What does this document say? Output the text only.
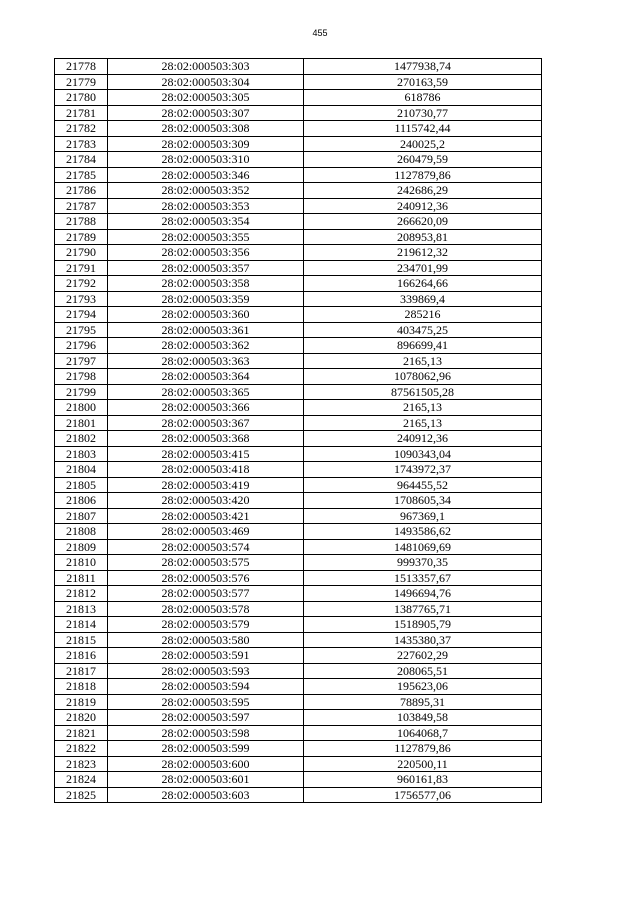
455
21778	28:02:000503:303	1477938,74
21779	28:02:000503:304	270163,59
21780	28:02:000503:305	618786
21781	28:02:000503:307	210730,77
21782	28:02:000503:308	1115742,44
21783	28:02:000503:309	240025,2
21784	28:02:000503:310	260479,59
21785	28:02:000503:346	1127879,86
21786	28:02:000503:352	242686,29
21787	28:02:000503:353	240912,36
21788	28:02:000503:354	266620,09
21789	28:02:000503:355	208953,81
21790	28:02:000503:356	219612,32
21791	28:02:000503:357	234701,99
21792	28:02:000503:358	166264,66
21793	28:02:000503:359	339869,4
21794	28:02:000503:360	285216
21795	28:02:000503:361	403475,25
21796	28:02:000503:362	896699,41
21797	28:02:000503:363	2165,13
21798	28:02:000503:364	1078062,96
21799	28:02:000503:365	87561505,28
21800	28:02:000503:366	2165,13
21801	28:02:000503:367	2165,13
21802	28:02:000503:368	240912,36
21803	28:02:000503:415	1090343,04
21804	28:02:000503:418	1743972,37
21805	28:02:000503:419	964455,52
21806	28:02:000503:420	1708605,34
21807	28:02:000503:421	967369,1
21808	28:02:000503:469	1493586,62
21809	28:02:000503:574	1481069,69
21810	28:02:000503:575	999370,35
21811	28:02:000503:576	1513357,67
21812	28:02:000503:577	1496694,76
21813	28:02:000503:578	1387765,71
21814	28:02:000503:579	1518905,79
21815	28:02:000503:580	1435380,37
21816	28:02:000503:591	227602,29
21817	28:02:000503:593	208065,51
21818	28:02:000503:594	195623,06
21819	28:02:000503:595	78895,31
21820	28:02:000503:597	103849,58
21821	28:02:000503:598	1064068,7
21822	28:02:000503:599	1127879,86
21823	28:02:000503:600	220500,11
21824	28:02:000503:601	960161,83
21825	28:02:000503:603	1756577,06
